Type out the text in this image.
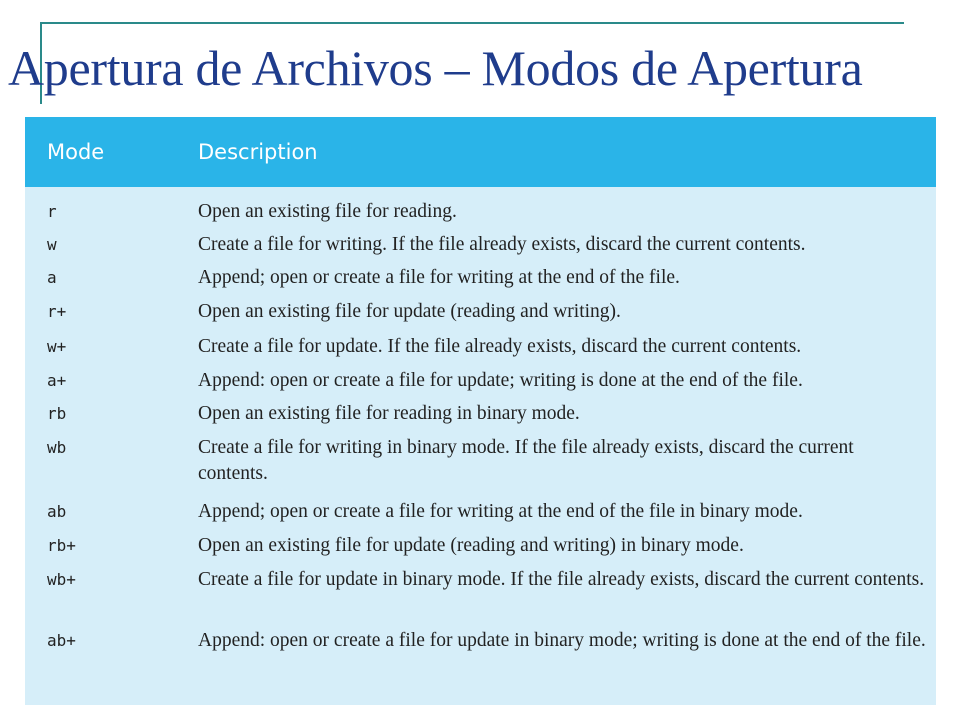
Apertura de Archivos – Modos de Apertura
Mode	Description
r	Open an existing file for reading.
w	Create a file for writing. If the file already exists, discard the current contents.
a	Append; open or create a file for writing at the end of the file.
r+	Open an existing file for update (reading and writing).
w+	Create a file for update. If the file already exists, discard the current contents.
a+	Append: open or create a file for update; writing is done at the end of the file.
rb	Open an existing file for reading in binary mode.
wb	Create a file for writing in binary mode. If the file already exists, discard the current contents.
ab	Append; open or create a file for writing at the end of the file in binary mode.
rb+	Open an existing file for update (reading and writing) in binary mode.
wb+	Create a file for update in binary mode. If the file already exists, discard the current contents.
ab+	Append: open or create a file for update in binary mode; writing is done at the end of the file.
